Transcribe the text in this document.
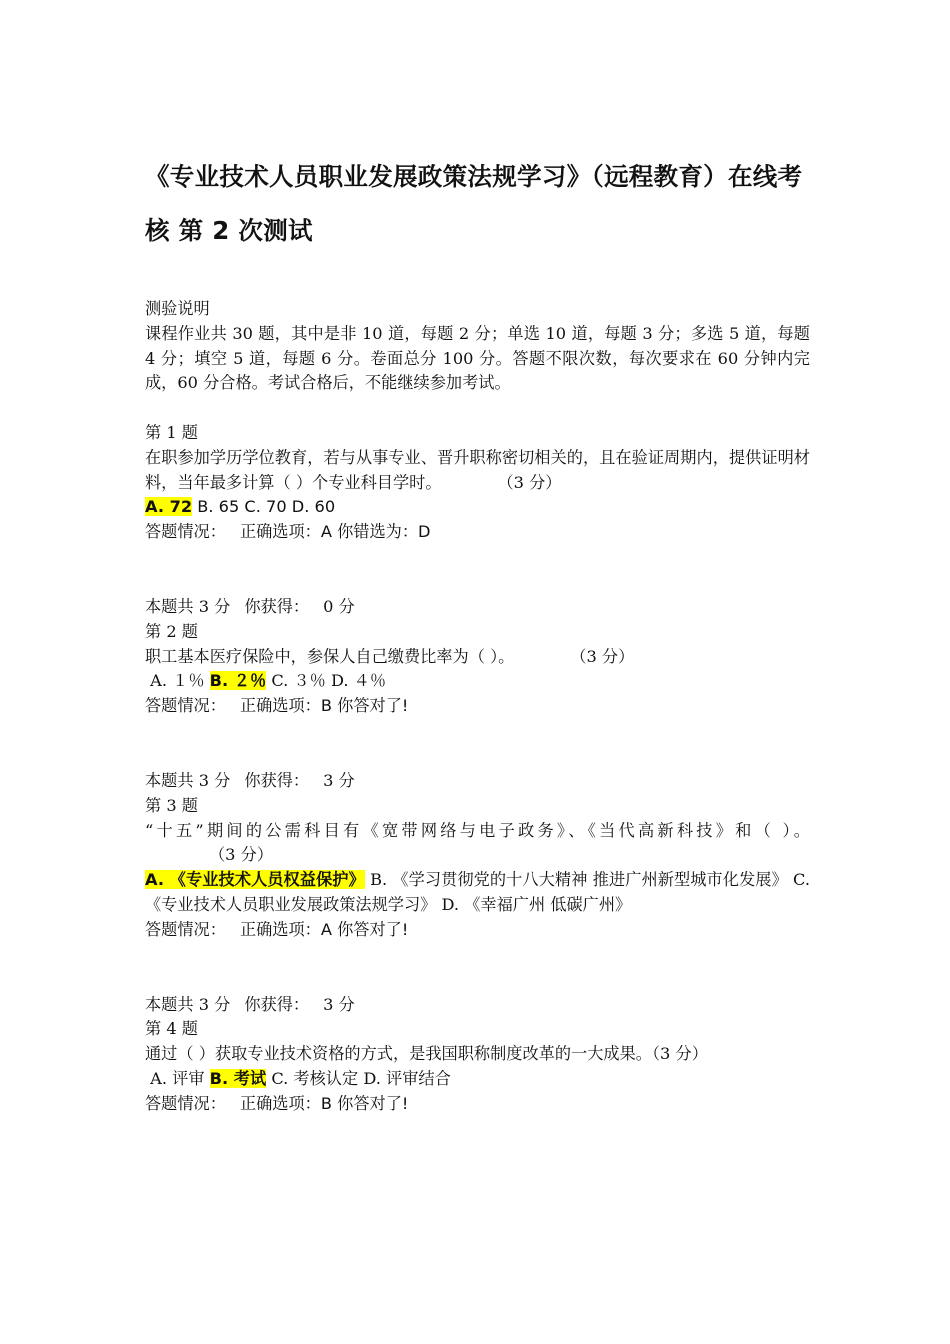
《专业技术人员职业发展政策法规学习》（远程教育）在线考核 第 2 次测试
测验说明
课程作业共 30 题，其中是非 10 道，每题 2 分；单选 10 道，每题 3 分；多选 5 道，每题 4 分；填空 5 道，每题 6 分。卷面总分 100 分。答题不限次数，每次要求在 60 分钟内完成，60 分合格。考试合格后，不能继续参加考试。
第 1 题
在职参加学历学位教育，若与从事专业、晋升职称密切相关的，且在验证周期内，提供证明材料，当年最多计算（ ）个专业科目学时。	（3 分）
A. 72 B. 65 C. 70 D. 60
答题情况： 正确选项：A 你错选为：D
本题共 3 分 你获得： 0 分
第 2 题
职工基本医疗保险中，参保人自己缴费比率为（ ）。	（3 分）
A. １％ B. ２％ C. ３％ D. ４％
答题情况： 正确选项：B 你答对了!
本题共 3 分 你获得： 3 分
第 3 题
“十五”期间的公需科目有《宽带网络与电子政务》、《当代高新科技》和（ ）。（3 分）
A. 《专业技术人员权益保护》 B. 《学习贯彻党的十八大精神 推进广州新型城市化发展》 C. 《专业技术人员职业发展政策法规学习》 D. 《幸福广州 低碳广州》
答题情况： 正确选项：A 你答对了!
本题共 3 分 你获得： 3 分
第 4 题
通过（ ）获取专业技术资格的方式，是我国职称制度改革的一大成果。（3 分）
A. 评审 B. 考试 C. 考核认定 D. 评审结合
答题情况： 正确选项：B 你答对了!
